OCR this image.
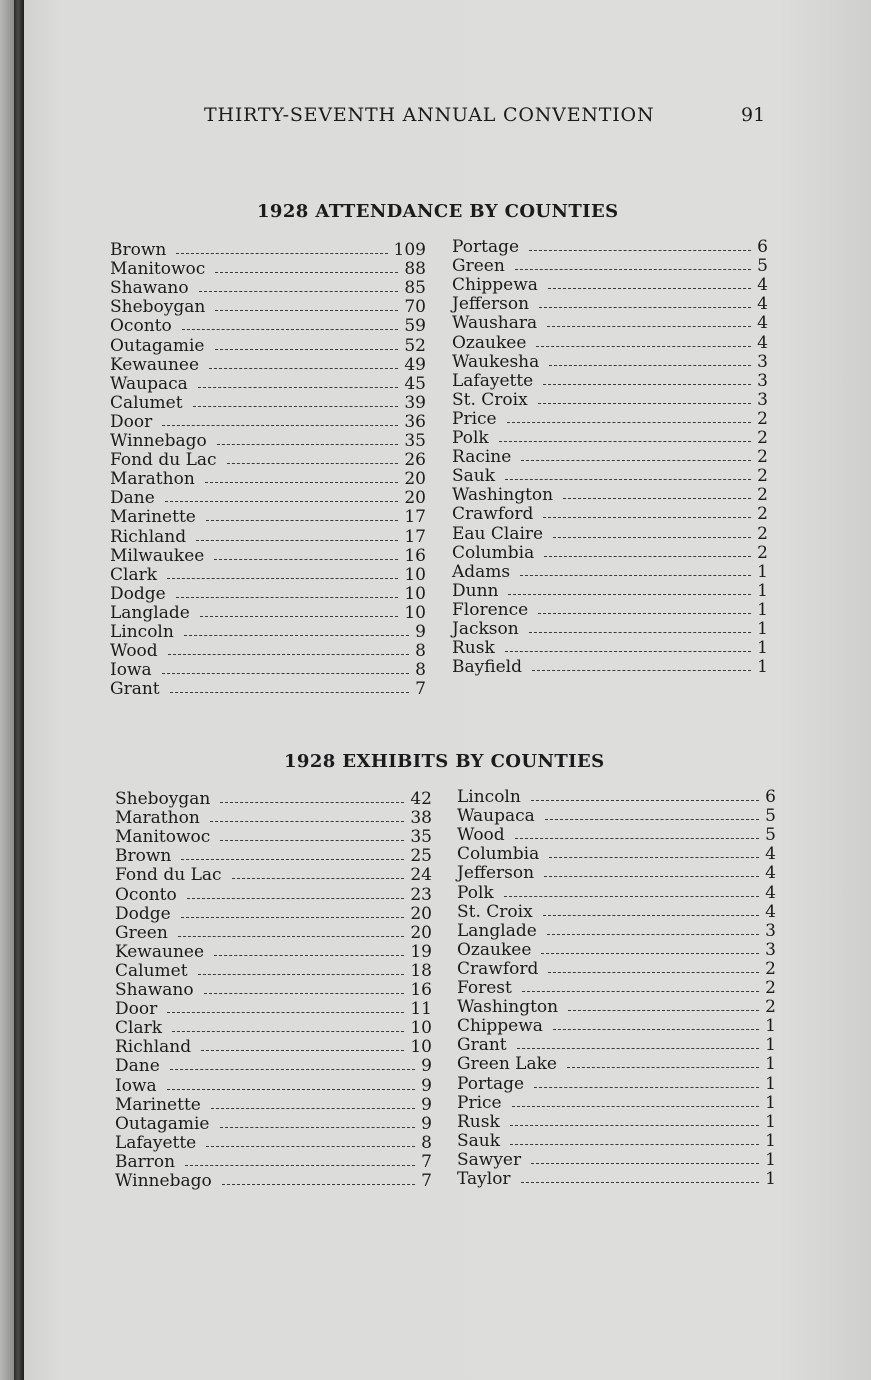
THIRTY-SEVENTH ANNUAL CONVENTION	91
1928 ATTENDANCE BY COUNTIES
Brown	109
Manitowoc	88
Shawano	85
Sheboygan	70
Oconto	59
Outagamie	52
Kewaunee	49
Waupaca	45
Calumet	39
Door	36
Winnebago	35
Fond du Lac	26
Marathon	20
Dane	20
Marinette	17
Richland	17
Milwaukee	16
Clark	10
Dodge	10
Langlade	10
Lincoln	9
Wood	8
Iowa	8
Grant	7
Portage	6
Green	5
Chippewa	4
Jefferson	4
Waushara	4
Ozaukee	4
Waukesha	3
Lafayette	3
St. Croix	3
Price	2
Polk	2
Racine	2
Sauk	2
Washington	2
Crawford	2
Eau Claire	2
Columbia	2
Adams	1
Dunn	1
Florence	1
Jackson	1
Rusk	1
Bayfield	1
1928 EXHIBITS BY COUNTIES
Sheboygan	42
Marathon	38
Manitowoc	35
Brown	25
Fond du Lac	24
Oconto	23
Dodge	20
Green	20
Kewaunee	19
Calumet	18
Shawano	16
Door	11
Clark	10
Richland	10
Dane	9
Iowa	9
Marinette	9
Outagamie	9
Lafayette	8
Barron	7
Winnebago	7
Lincoln	6
Waupaca	5
Wood	5
Columbia	4
Jefferson	4
Polk	4
St. Croix	4
Langlade	3
Ozaukee	3
Crawford	2
Forest	2
Washington	2
Chippewa	1
Grant	1
Green Lake	1
Portage	1
Price	1
Rusk	1
Sauk	1
Sawyer	1
Taylor	1
